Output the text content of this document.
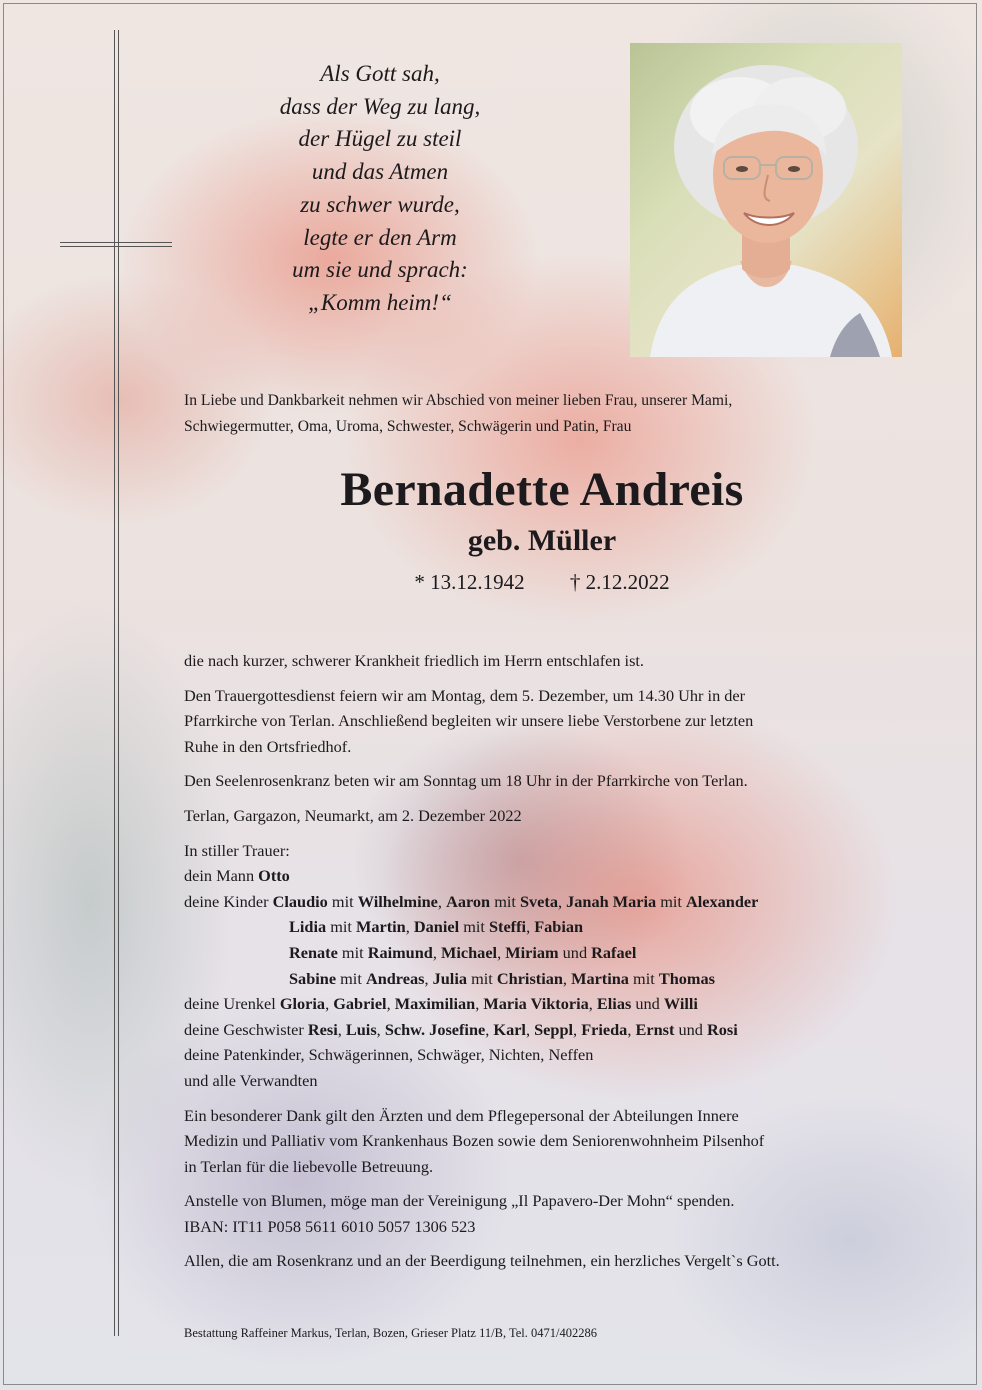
Als Gott sah,
dass der Weg zu lang,
der Hügel zu steil
und das Atmen
zu schwer wurde,
legte er den Arm
um sie und sprach:
„Komm heim!“
In Liebe und Dankbarkeit nehmen wir Abschied von meiner lieben Frau, unserer Mami,
Schwiegermutter, Oma, Uroma, Schwester, Schwägerin und Patin, Frau
Bernadette Andreis
geb. Müller
* 13.12.1942 † 2.12.2022

die nach kurzer, schwerer Krankheit friedlich im Herrn entschlafen ist.

Den Trauergottesdienst feiern wir am Montag, dem 5. Dezember, um 14.30 Uhr in der
Pfarrkirche von Terlan. Anschließend begleiten wir unsere liebe Verstorbene zur letzten
Ruhe in den Ortsfriedhof.

Den Seelenrosenkranz beten wir am Sonntag um 18 Uhr in der Pfarrkirche von Terlan.

Terlan, Gargazon, Neumarkt, am 2. Dezember 2022

In stiller Trauer:
dein Mann Otto
deine Kinder Claudio mit Wilhelmine, Aaron mit Sveta, Janah Maria mit Alexander
Lidia mit Martin, Daniel mit Steffi, Fabian
Renate mit Raimund, Michael, Miriam und Rafael
Sabine mit Andreas, Julia mit Christian, Martina mit Thomas
deine Urenkel Gloria, Gabriel, Maximilian, Maria Viktoria, Elias und Willi
deine Geschwister Resi, Luis, Schw. Josefine, Karl, Seppl, Frieda, Ernst und Rosi
deine Patenkinder, Schwägerinnen, Schwäger, Nichten, Neffen
und alle Verwandten

Ein besonderer Dank gilt den Ärzten und dem Pflegepersonal der Abteilungen Innere
Medizin und Palliativ vom Krankenhaus Bozen sowie dem Seniorenwohnheim Pilsenhof
in Terlan für die liebevolle Betreuung.

Anstelle von Blumen, möge man der Vereinigung „Il Papavero-Der Mohn“ spenden.
IBAN: IT11 P058 5611 6010 5057 1306 523

Allen, die am Rosenkranz und an der Beerdigung teilnehmen, ein herzliches Vergelt`s Gott.

Bestattung Raffeiner Markus, Terlan, Bozen, Grieser Platz 11/B, Tel. 0471/402286
